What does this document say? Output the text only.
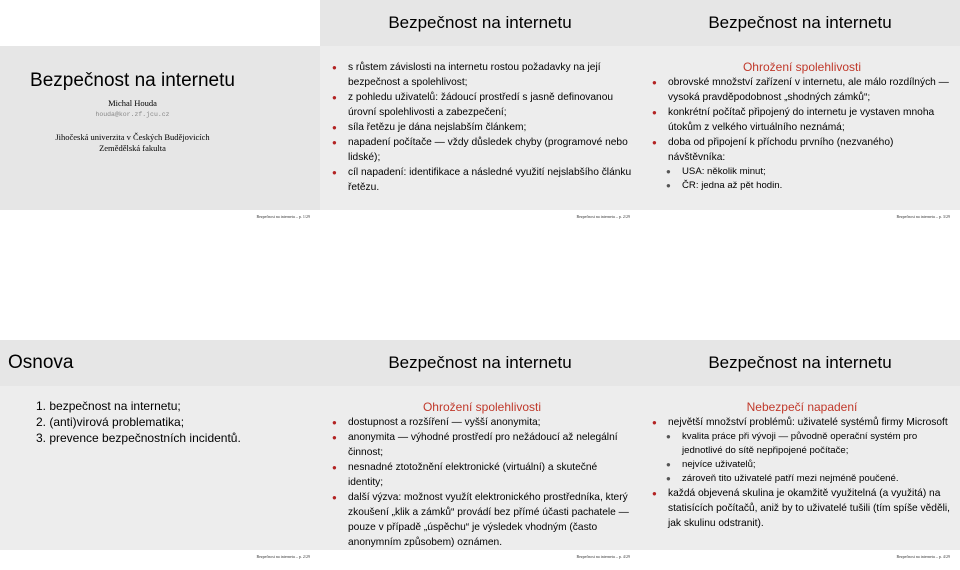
Bezpečnost na internetu
Michal Houda
houda@kor.zf.jcu.cz
Jihočeská univerzita v Českých Budějovicích
Zemědělská fakulta
Bezpečnost na internetu – p. 1/29
Bezpečnost na internetu
●	s růstem závislosti na internetu rostou požadavky na její bezpečnost a spolehlivost;
●	z pohledu uživatelů: žádoucí prostředí s jasně definovanou úrovní spolehlivosti a zabezpečení;
●	síla řetězu je dána nejslabším článkem;
●	napadení počítače — vždy důsledek chyby (programové nebo lidské);
●	cíl napadení: identifikace a následné využití nejslabšího článku řetězu.
Bezpečnost na internetu – p. 2/29
Bezpečnost na internetu

Ohrožení spolehlivosti

●	obrovské množství zařízení v internetu, ale málo rozdílných — vysoká pravděpodobnost „shodných zámků“;
●	konkrétní počítač připojený do internetu je vystaven mnoha útokům z velkého virtuálního neznámá;
●	doba od připojení k příchodu prvního (nezvaného) návštěvníka:
●	USA: několik minut;
●	ČR: jedna až pět hodin.
Bezpečnost na internetu – p. 3/29
Osnova
1. bezpečnost na internetu;
2. (anti)virová problematika;
3. prevence bezpečnostních incidentů.
Bezpečnost na internetu – p. 2/29
Bezpečnost na internetu

Ohrožení spolehlivosti

●	dostupnost a rozšíření — vyšší anonymita;
●	anonymita — výhodné prostředí pro nežádoucí až nelegální činnost;
●	nesnadné ztotožnění elektronické (virtuální) a skutečné identity;
●	další výzva: možnost využít elektronického prostředníka, který zkoušení „klik a zámků“ provádí bez přímé účasti pachatele — pouze v případě „úspěchu“ je výsledek vhodným (často anonymním způsobem) oznámen.
Bezpečnost na internetu – p. 4/29
Bezpečnost na internetu

Nebezpečí napadení

●	největší množství problémů: uživatelé systémů firmy Microsoft
●	kvalita práce při vývoji — původně operační systém pro jednotlivé do sítě nepřipojené počítače;
●	nejvíce uživatelů;
●	zároveň tito uživatelé patří mezi nejméně poučené.
●	každá objevená skulina je okamžitě využitelná (a využitá) na statisících počítačů, aniž by to uživatelé tušili (tím spíše věděli, jak skulinu odstranit).
Bezpečnost na internetu – p. 4/29
